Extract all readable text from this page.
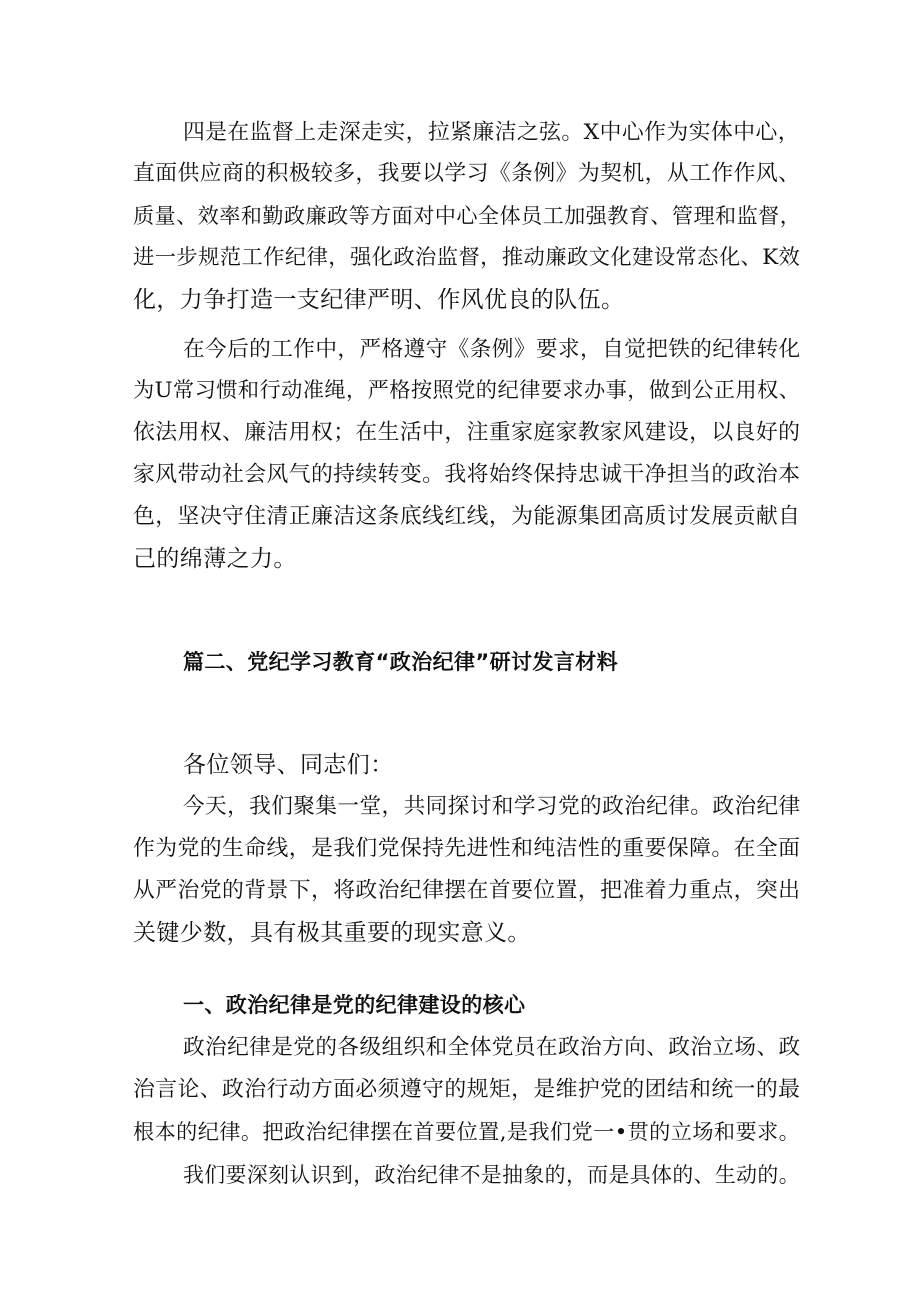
四是在监督上走深走实，拉紧廉洁之弦。X中心作为实体中心，
直面供应商的积极较多，我要以学习《条例》为契机，从工作作风、
质量、效率和勤政廉政等方面对中心全体员工加强教育、管理和监督，
进一步规范工作纪律，强化政治监督，推动廉政文化建设常态化、K效
化，力争打造一支纪律严明、作风优良的队伍。
在今后的工作中，严格遵守《条例》要求，自觉把铁的纪律转化
为U常习惯和行动准绳，严格按照党的纪律要求办事，做到公正用权、
依法用权、廉洁用权；在生活中，注重家庭家教家风建设，以良好的
家风带动社会风气的持续转变。我将始终保持忠诚干净担当的政治本
色，坚决守住清正廉洁这条底线红线，为能源集团高质讨发展贡献自
己的绵薄之力。
篇二、党纪学习教育“政治纪律”研讨发言材料
各位领导、同志们：
今天，我们聚集一堂，共同探讨和学习党的政治纪律。政治纪律
作为党的生命线，是我们党保持先进性和纯洁性的重要保障。在全面
从严治党的背景下，将政治纪律摆在首要位置，把准着力重点，突出
关键少数，具有极其重要的现实意义。
一、政治纪律是党的纪律建设的核心
政治纪律是党的各级组织和全体党员在政治方向、政治立场、政
治言论、政治行动方面必须遵守的规矩，是维护党的团结和统一的最
根本的纪律。把政治纪律摆在首要位置,是我们党一•贯的立场和要求。
我们要深刻认识到，政治纪律不是抽象的，而是具体的、生动的。
